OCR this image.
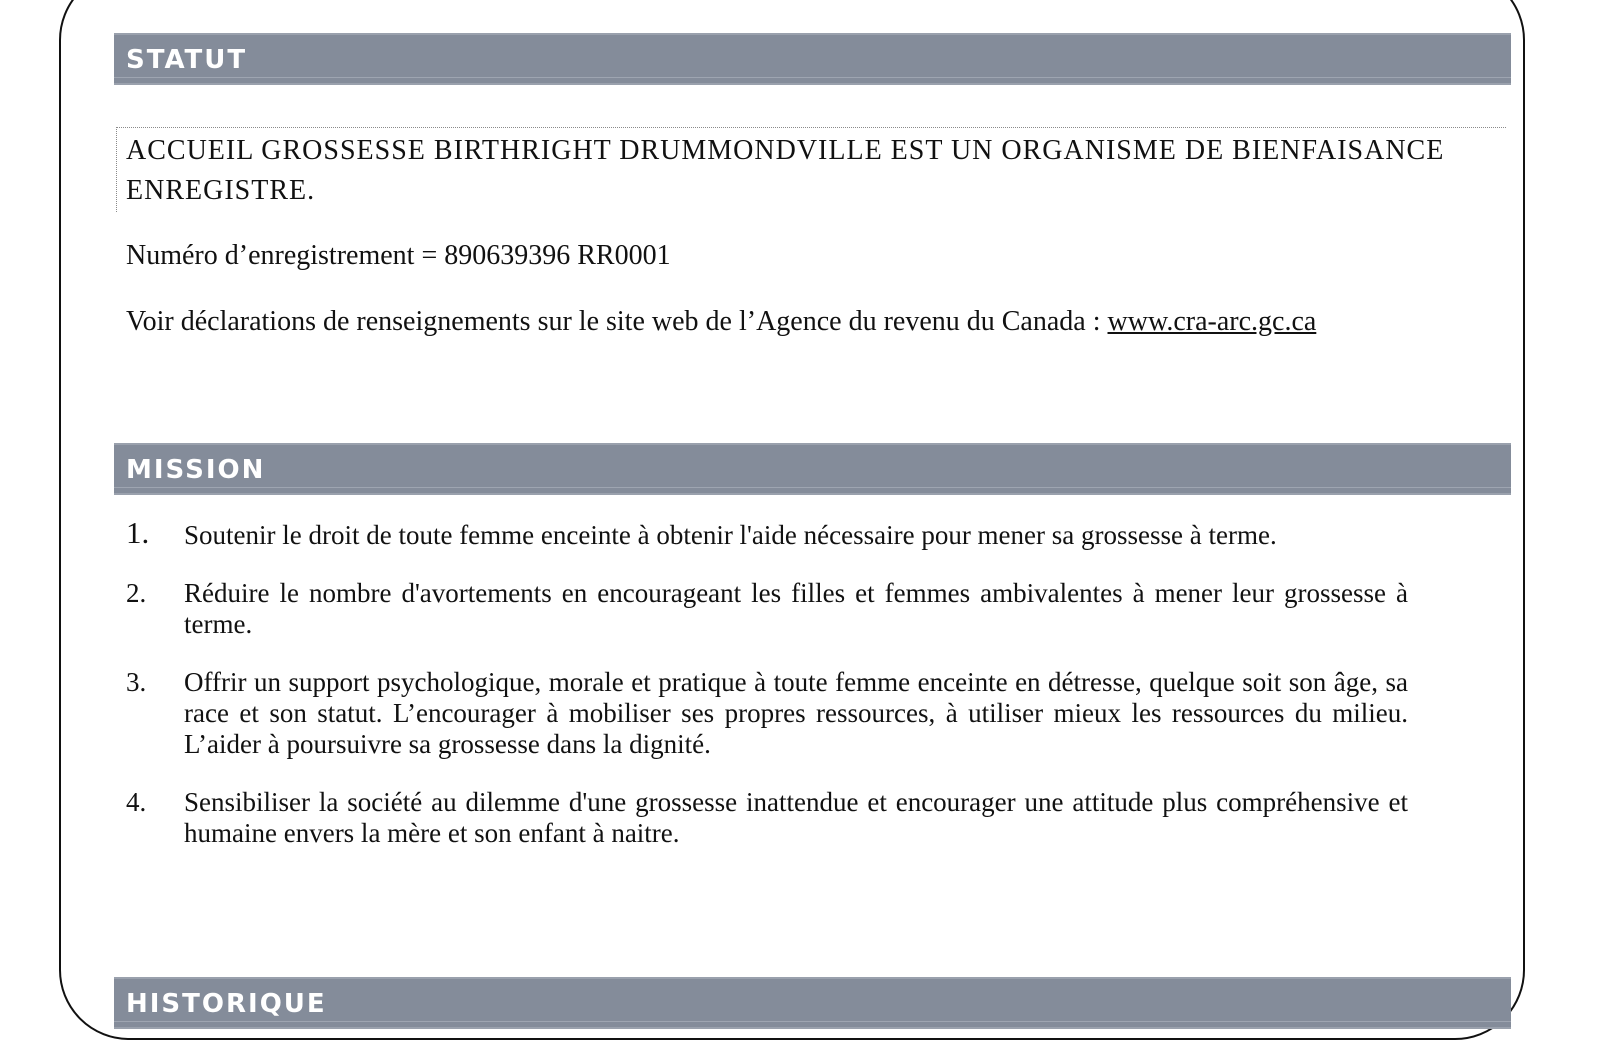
STATUT

ACCUEIL GROSSESSE BIRTHRIGHT DRUMMONDVILLE EST UN ORGANISME DE BIENFAISANCE ENREGISTRE.

Numéro d’enregistrement = 890639396 RR0001

Voir déclarations de renseignements sur le site web de l’Agence du revenu du Canada : www.cra-arc.gc.ca

MISSION
1. Soutenir le droit de toute femme enceinte à obtenir l'aide nécessaire pour mener sa grossesse à terme.
2. Réduire le nombre d'avortements en encourageant les filles et femmes ambivalentes à mener leur grossesse à terme.
3. Offrir un support psychologique, morale et pratique à toute femme enceinte en détresse, quelque soit son âge, sa race et son statut. L’encourager à mobiliser ses propres ressources, à utiliser mieux les ressources du milieu. L’aider à poursuivre sa grossesse dans la dignité.
4. Sensibiliser la société au dilemme d'une grossesse inattendue et encourager une attitude plus compréhensive et humaine envers la mère et son enfant à naitre.
HISTORIQUE
